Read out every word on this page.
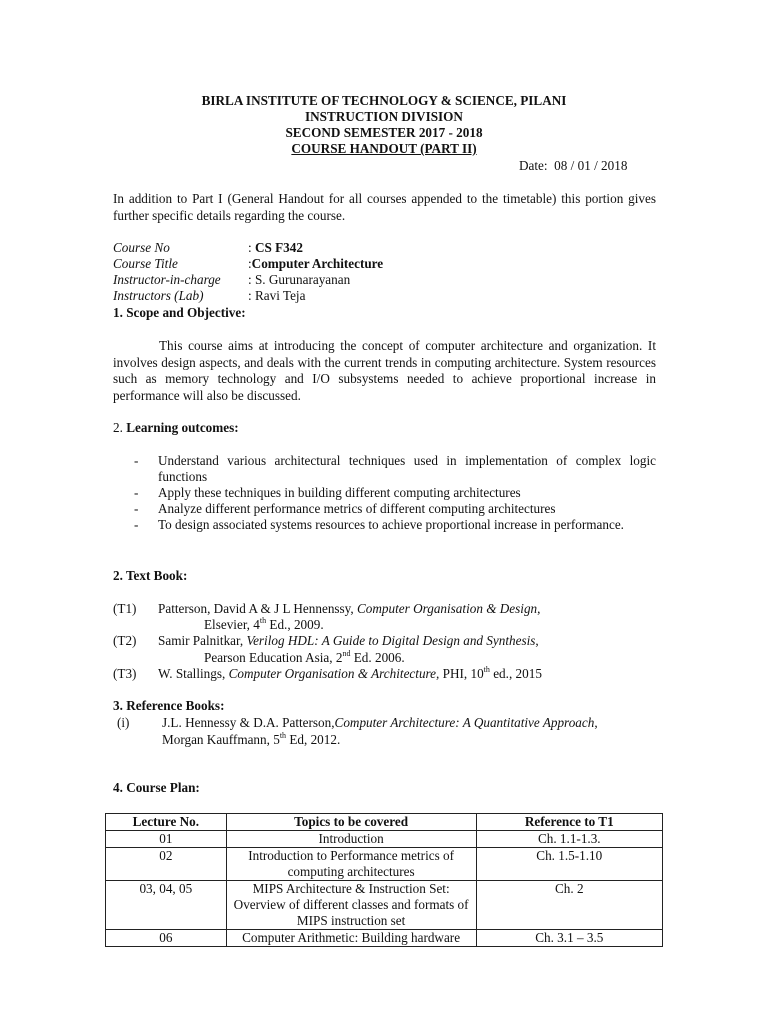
BIRLA INSTITUTE OF TECHNOLOGY & SCIENCE, PILANI
INSTRUCTION DIVISION
SECOND SEMESTER 2017 - 2018
COURSE HANDOUT (PART II)
Date: 08 / 01 / 2018
In addition to Part I (General Handout for all courses appended to the timetable) this portion gives further specific details regarding the course.
Course No	: CS F342
Course Title	:Computer Architecture
Instructor-in-charge : S. Gurunarayanan
Instructors (Lab)	: Ravi Teja
1. Scope and Objective:
This course aims at introducing the concept of computer architecture and organization. It involves design aspects, and deals with the current trends in computing architecture. System resources such as memory technology and I/O subsystems needed to achieve proportional increase in performance will also be discussed.
2. Learning outcomes:
- Understand various architectural techniques used in implementation of complex logic functions
- Apply these techniques in building different computing architectures
- Analyze different performance metrics of different computing architectures
- To design associated systems resources to achieve proportional increase in performance.
2. Text Book:
(T1) Patterson, David A & J L Hennenssy, Computer Organisation & Design,
Elsevier, 4th Ed., 2009.
(T2) Samir Palnitkar, Verilog HDL: A Guide to Digital Design and Synthesis,
Pearson Education Asia, 2nd Ed. 2006.
(T3) W. Stallings, Computer Organisation & Architecture, PHI, 10th ed., 2015
3. Reference Books:
(i) J.L. Hennessy & D.A. Patterson,Computer Architecture: A Quantitative Approach,
Morgan Kauffmann, 5th Ed, 2012.
4. Course Plan:
Lecture No.	Topics to be covered	Reference to T1
01	Introduction	Ch. 1.1-1.3.
02	Introduction to Performance metrics of computing architectures	Ch. 1.5-1.10
03, 04, 05	MIPS Architecture & Instruction Set: Overview of different classes and formats of MIPS instruction set	Ch. 2
06	Computer Arithmetic: Building hardware	Ch. 3.1 – 3.5
